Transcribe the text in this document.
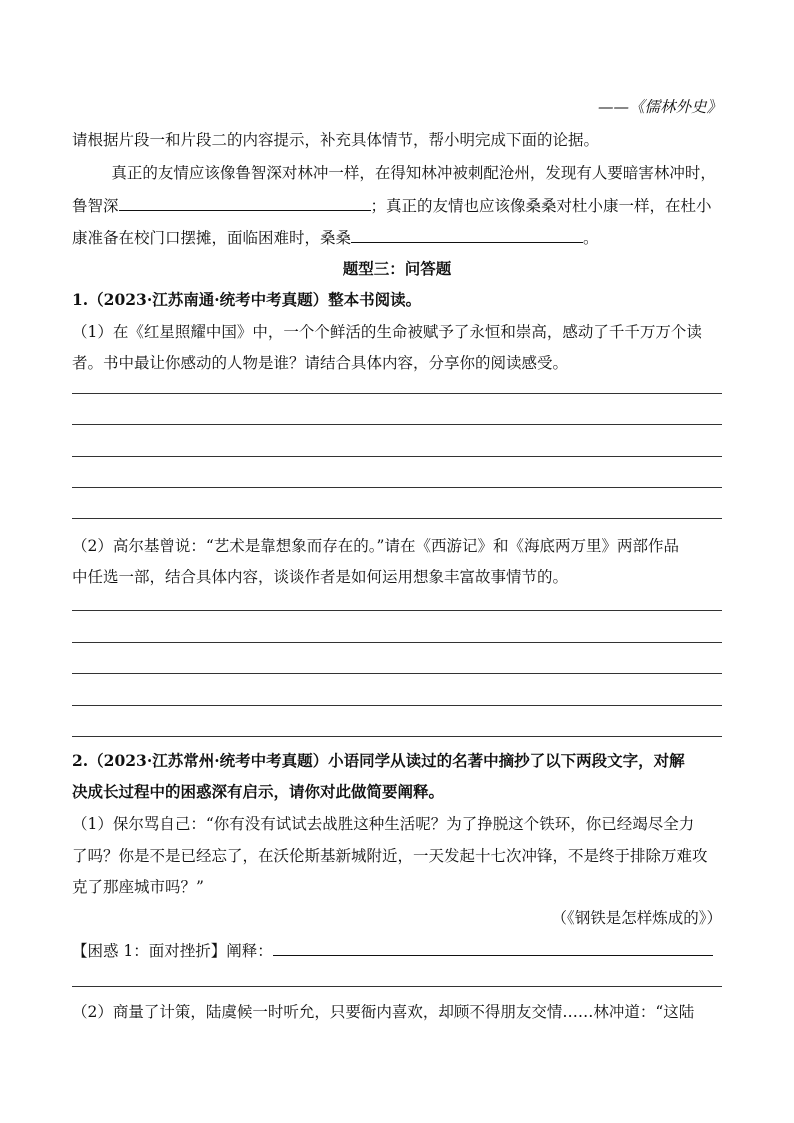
——《儒林外史》
请根据片段一和片段二的内容提示，补充具体情节，帮小明完成下面的论据。
真正的友情应该像鲁智深对林冲一样，在得知林冲被刺配沧州，发现有人要暗害林冲时，
鲁智深	；真正的友情也应该像桑桑对杜小康一样，在杜小
康准备在校门口摆摊，面临困难时，桑桑	。
题型三：问答题
1.（2023·江苏南通·统考中考真题）整本书阅读。
（1）在《红星照耀中国》中，一个个鲜活的生命被赋予了永恒和崇高，感动了千千万万个读
者。书中最让你感动的人物是谁？请结合具体内容，分享你的阅读感受。
（2）高尔基曾说：“艺术是靠想象而存在的。”请在《西游记》和《海底两万里》两部作品
中任选一部，结合具体内容，谈谈作者是如何运用想象丰富故事情节的。
2.（2023·江苏常州·统考中考真题）小语同学从读过的名著中摘抄了以下两段文字，对解
决成长过程中的困惑深有启示，请你对此做简要阐释。
（1）保尔骂自己：“你有没有试试去战胜这种生活呢？为了挣脱这个铁环，你已经竭尽全力
了吗？你是不是已经忘了，在沃伦斯基新城附近，一天发起十七次冲锋，不是终于排除万难攻
克了那座城市吗？”
（《钢铁是怎样炼成的》）
【困惑 1：面对挫折】阐释：
（2）商量了计策，陆虞候一时听允，只要衙内喜欢，却顾不得朋友交情……林冲道：“这陆
